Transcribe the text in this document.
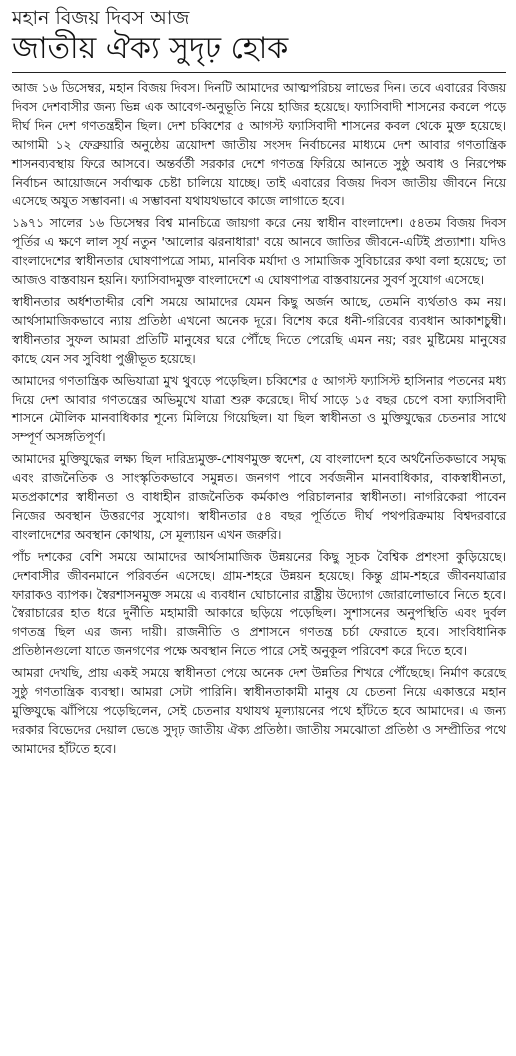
মহান বিজয় দিবস আজ
জাতীয় ঐক্য সুদৃঢ় হোক

আজ ১৬ ডিসেম্বর, মহান বিজয় দিবস। দিনটি আমাদের আত্মপরিচয় লাভের দিন। তবে এবারের বিজয় দিবস দেশবাসীর জন্য ভিন্ন এক আবেগ-অনুভূতি নিয়ে হাজির হয়েছে। ফ্যাসিবাদী শাসনের কবলে পড়ে দীর্ঘ দিন দেশ গণতন্ত্রহীন ছিল। দেশ চব্বিশের ৫ আগস্ট ফ্যাসিবাদী শাসনের কবল থেকে মুক্ত হয়েছে। আগামী ১২ ফেব্রুয়ারি অনুষ্ঠেয় ত্রয়োদশ জাতীয় সংসদ নির্বাচনের মাধ্যমে দেশ আবার গণতান্ত্রিক শাসনব্যবস্থায় ফিরে আসবে। অন্তর্বর্তী সরকার দেশে গণতন্ত্র ফিরিয়ে আনতে সুষ্ঠু অবাধ ও নিরপেক্ষ নির্বাচন আয়োজনে সর্বাত্মক চেষ্টা চালিয়ে যাচ্ছে। তাই এবারের বিজয় দিবস জাতীয় জীবনে নিয়ে এসেছে অযুত সম্ভাবনা। এ সম্ভাবনা যথাযথভাবে কাজে লাগাতে হবে।

১৯৭১ সালের ১৬ ডিসেম্বর বিশ্ব মানচিত্রে জায়গা করে নেয় স্বাধীন বাংলাদেশ। ৫৪তম বিজয় দিবস পূর্তির এ ক্ষণে লাল সূর্য নতুন 'আলোর ঝরনাধারা' বয়ে আনবে জাতির জীবনে-এটিই প্রত্যাশা। যদিও বাংলাদেশের স্বাধীনতার ঘোষণাপত্রে সাম্য, মানবিক মর্যাদা ও সামাজিক সুবিচারের কথা বলা হয়েছে; তা আজও বাস্তবায়ন হয়নি। ফ্যাসিবাদমুক্ত বাংলাদেশে এ ঘোষণাপত্র বাস্তবায়নের সুবর্ণ সুযোগ এসেছে।

স্বাধীনতার অর্ধশতাব্দীর বেশি সময়ে আমাদের যেমন কিছু অর্জন আছে, তেমনি ব্যর্থতাও কম নয়। আর্থসামাজিকভাবে ন্যায় প্রতিষ্ঠা এখনো অনেক দূরে। বিশেষ করে ধনী-গরিবের ব্যবধান আকাশচুম্বী। স্বাধীনতার সুফল আমরা প্রতিটি মানুষের ঘরে পৌঁছে দিতে পেরেছি এমন নয়; বরং মুষ্টিমেয় মানুষের কাছে যেন সব সুবিধা পুঞ্জীভূত হয়েছে।

আমাদের গণতান্ত্রিক অভিযাত্রা মুখ থুবড়ে পড়েছিল। চব্বিশের ৫ আগস্ট ফ্যাসিস্ট হাসিনার পতনের মধ্য দিয়ে দেশ আবার গণতন্ত্রের অভিমুখে যাত্রা শুরু করেছে। দীর্ঘ সাড়ে ১৫ বছর চেপে বসা ফ্যাসিবাদী শাসনে মৌলিক মানবাধিকার শূন্যে মিলিয়ে গিয়েছিল। যা ছিল স্বাধীনতা ও মুক্তিযুদ্ধের চেতনার সাথে সম্পূর্ণ অসঙ্গতিপূর্ণ।

আমাদের মুক্তিযুদ্ধের লক্ষ্য ছিল দারিদ্র্যমুক্ত-শোষণমুক্ত স্বদেশ, যে বাংলাদেশ হবে অর্থনৈতিকভাবে সমৃদ্ধ এবং রাজনৈতিক ও সাংস্কৃতিকভাবে সমুন্নত। জনগণ পাবে সর্বজনীন মানবাধিকার, বাকস্বাধীনতা, মতপ্রকাশের স্বাধীনতা ও বাধাহীন রাজনৈতিক কর্মকাণ্ড পরিচালনার স্বাধীনতা। নাগরিকেরা পাবেন নিজের অবস্থান উত্তরণের সুযোগ। স্বাধীনতার ৫৪ বছর পূর্তিতে দীর্ঘ পথপরিক্রমায় বিশ্বদরবারে বাংলাদেশের অবস্থান কোথায়, সে মূল্যায়ন এখন জরুরি।

পাঁচ দশকের বেশি সময়ে আমাদের আর্থসামাজিক উন্নয়নের কিছু সূচক বৈশ্বিক প্রশংসা কুড়িয়েছে। দেশবাসীর জীবনমানে পরিবর্তন এসেছে। গ্রাম-শহরে উন্নয়ন হয়েছে। কিন্তু গ্রাম-শহরে জীবনযাত্রার ফারাকও ব্যাপক। স্বৈরশাসনমুক্ত সময়ে এ ব্যবধান ঘোচানোর রাষ্ট্রীয় উদ্যোগ জোরালোভাবে নিতে হবে। স্বৈরাচারের হাত ধরে দুর্নীতি মহামারী আকারে ছড়িয়ে পড়েছিল। সুশাসনের অনুপস্থিতি এবং দুর্বল গণতন্ত্র ছিল এর জন্য দায়ী। রাজনীতি ও প্রশাসনে গণতন্ত্র চর্চা ফেরাতে হবে। সাংবিধানিক প্রতিষ্ঠানগুলো যাতে জনগণের পক্ষে অবস্থান নিতে পারে সেই অনুকূল পরিবেশ করে দিতে হবে।

আমরা দেখছি, প্রায় একই সময়ে স্বাধীনতা পেয়ে অনেক দেশ উন্নতির শিখরে পৌঁছেছে। নির্মাণ করেছে সুষ্ঠু গণতান্ত্রিক ব্যবস্থা। আমরা সেটা পারিনি। স্বাধীনতাকামী মানুষ যে চেতনা নিয়ে একাত্তরে মহান মুক্তিযুদ্ধে ঝাঁপিয়ে পড়েছিলেন, সেই চেতনার যথাযথ মূল্যায়নের পথে হাঁটতে হবে আমাদের। এ জন্য দরকার বিভেদের দেয়াল ভেঙে সুদৃঢ় জাতীয় ঐক্য প্রতিষ্ঠা। জাতীয় সমঝোতা প্রতিষ্ঠা ও সম্প্রীতির পথে আমাদের হাঁটতে হবে।
